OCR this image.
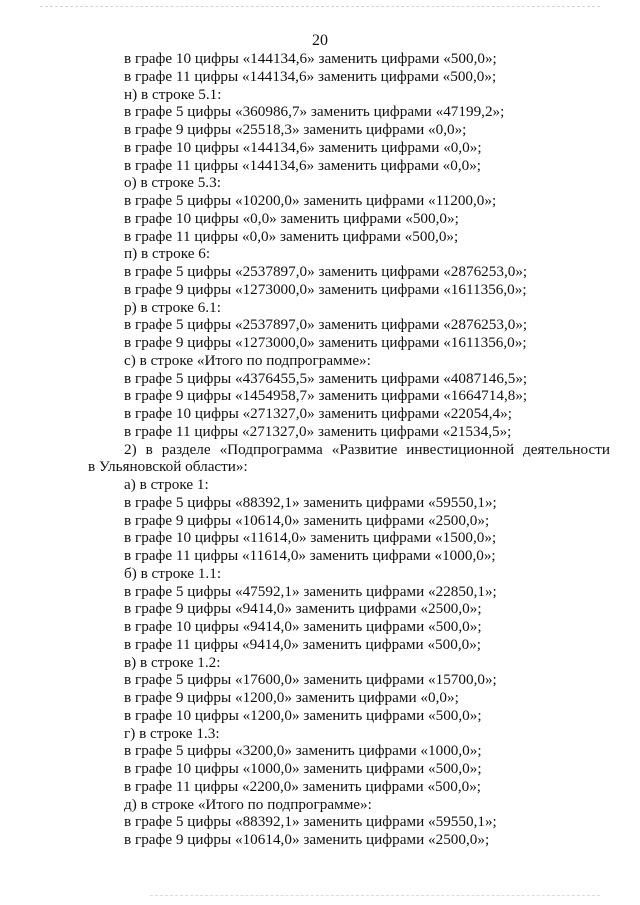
20
в графе 10 цифры «144134,6» заменить цифрами «500,0»;
в графе 11 цифры «144134,6» заменить цифрами «500,0»;
н) в строке 5.1:
в графе 5 цифры «360986,7» заменить цифрами «47199,2»;
в графе 9 цифры «25518,3» заменить цифрами «0,0»;
в графе 10 цифры «144134,6» заменить цифрами «0,0»;
в графе 11 цифры «144134,6» заменить цифрами «0,0»;
о) в строке 5.3:
в графе 5 цифры «10200,0» заменить цифрами «11200,0»;
в графе 10 цифры «0,0» заменить цифрами «500,0»;
в графе 11 цифры «0,0» заменить цифрами «500,0»;
п) в строке 6:
в графе 5 цифры «2537897,0» заменить цифрами «2876253,0»;
в графе 9 цифры «1273000,0» заменить цифрами «1611356,0»;
р) в строке 6.1:
в графе 5 цифры «2537897,0» заменить цифрами «2876253,0»;
в графе 9 цифры «1273000,0» заменить цифрами «1611356,0»;
с) в строке «Итого по подпрограмме»:
в графе 5 цифры «4376455,5» заменить цифрами «4087146,5»;
в графе 9 цифры «1454958,7» заменить цифрами «1664714,8»;
в графе 10 цифры «271327,0» заменить цифрами «22054,4»;
в графе 11 цифры «271327,0» заменить цифрами «21534,5»;
2) в разделе «Подпрограмма «Развитие инвестиционной деятельности
в Ульяновской области»:
а) в строке 1:
в графе 5 цифры «88392,1» заменить цифрами «59550,1»;
в графе 9 цифры «10614,0» заменить цифрами «2500,0»;
в графе 10 цифры «11614,0» заменить цифрами «1500,0»;
в графе 11 цифры «11614,0» заменить цифрами «1000,0»;
б) в строке 1.1:
в графе 5 цифры «47592,1» заменить цифрами «22850,1»;
в графе 9 цифры «9414,0» заменить цифрами «2500,0»;
в графе 10 цифры «9414,0» заменить цифрами «500,0»;
в графе 11 цифры «9414,0» заменить цифрами «500,0»;
в) в строке 1.2:
в графе 5 цифры «17600,0» заменить цифрами «15700,0»;
в графе 9 цифры «1200,0» заменить цифрами «0,0»;
в графе 10 цифры «1200,0» заменить цифрами «500,0»;
г) в строке 1.3:
в графе 5 цифры «3200,0» заменить цифрами «1000,0»;
в графе 10 цифры «1000,0» заменить цифрами «500,0»;
в графе 11 цифры «2200,0» заменить цифрами «500,0»;
д) в строке «Итого по подпрограмме»:
в графе 5 цифры «88392,1» заменить цифрами «59550,1»;
в графе 9 цифры «10614,0» заменить цифрами «2500,0»;
